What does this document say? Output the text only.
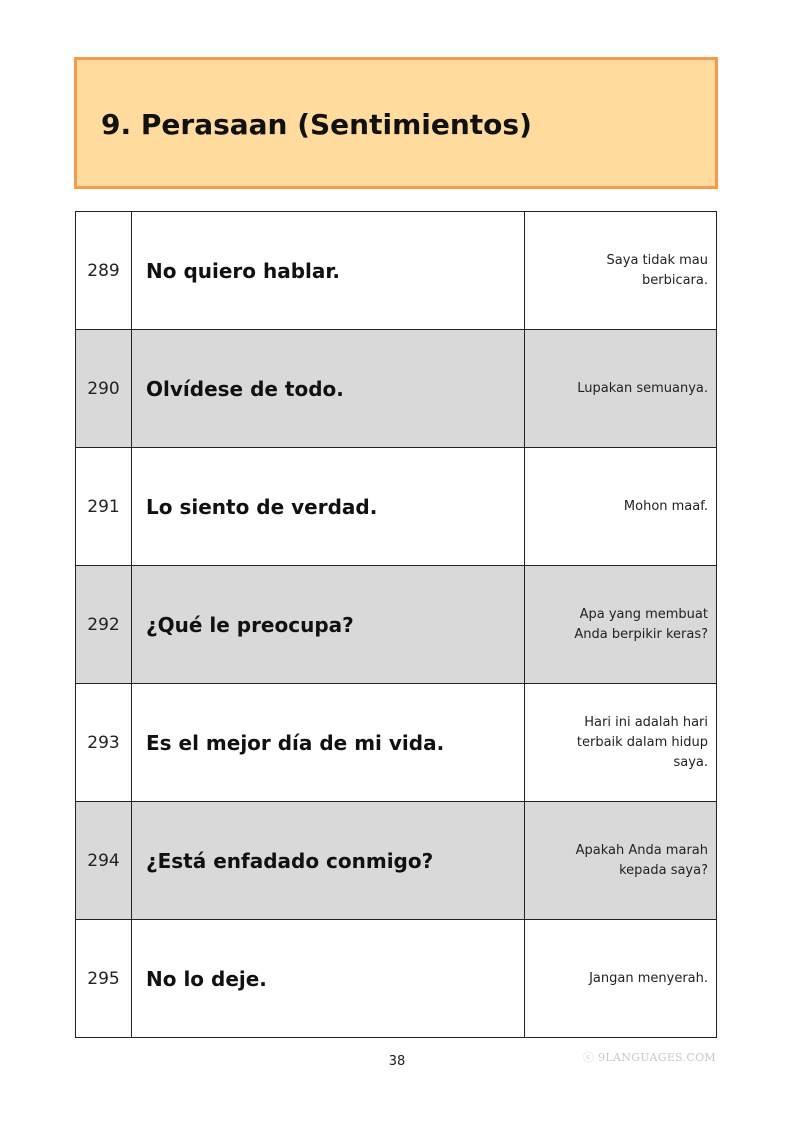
9. Perasaan (Sentimientos)
289	No quiero hablar.	Saya tidak mau berbicara.
290	Olvídese de todo.	Lupakan semuanya.
291	Lo siento de verdad.	Mohon maaf.
292	¿Qué le preocupa?	Apa yang membuat Anda berpikir keras?
293	Es el mejor día de mi vida.	Hari ini adalah hari terbaik dalam hidup saya.
294	¿Está enfadado conmigo?	Apakah Anda marah kepada saya?
295	No lo deje.	Jangan menyerah.
38	ⓒ 9LANGUAGES.COM
